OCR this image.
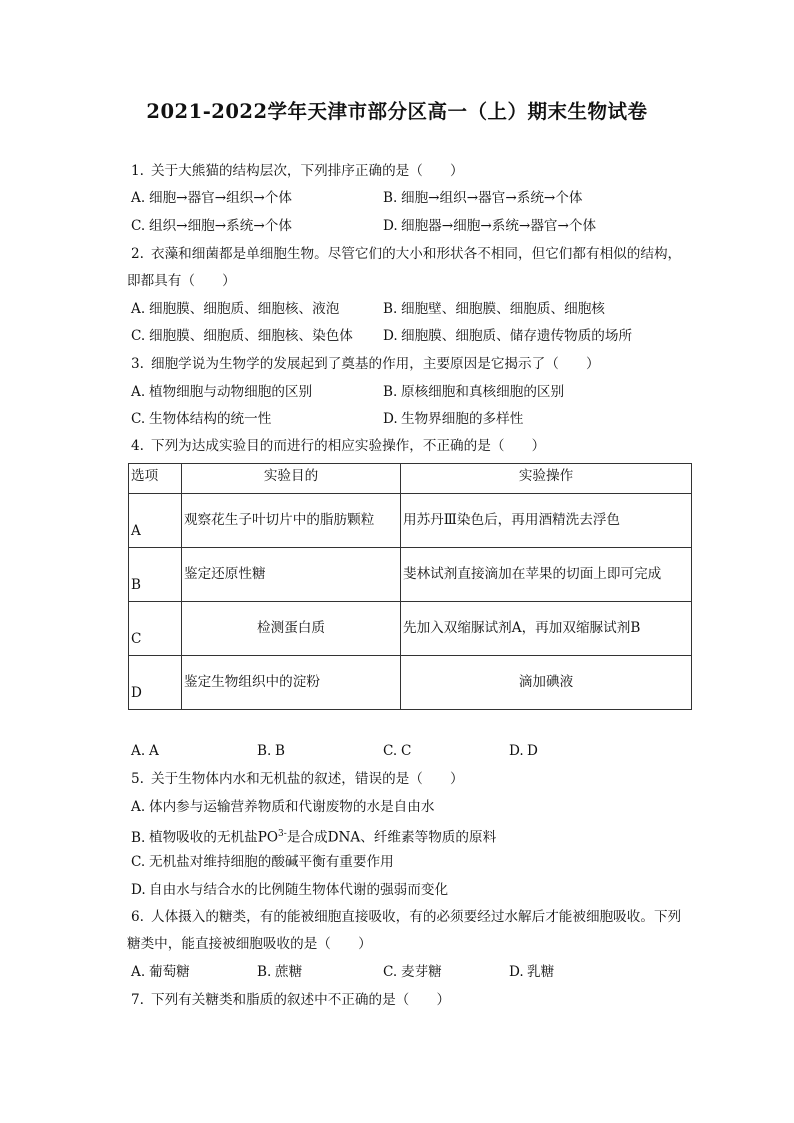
2021-2022学年天津市部分区高一（上）期末生物试卷
1. 关于大熊猫的结构层次，下列排序正确的是（　　）
A. 细胞→器官→组织→个体	B. 细胞→组织→器官→系统→个体
C. 组织→细胞→系统→个体	D. 细胞器→细胞→系统→器官→个体
2. 衣藻和细菌都是单细胞生物。尽管它们的大小和形状各不相同，但它们都有相似的结构，
即都具有（　　）
A. 细胞膜、细胞质、细胞核、液泡	B. 细胞壁、细胞膜、细胞质、细胞核
C. 细胞膜、细胞质、细胞核、染色体 D. 细胞膜、细胞质、储存遗传物质的场所
3. 细胞学说为生物学的发展起到了奠基的作用，主要原因是它揭示了（　　）
A. 植物细胞与动物细胞的区别	B. 原核细胞和真核细胞的区别
C. 生物体结构的统一性	D. 生物界细胞的多样性
4. 下列为达成实验目的而进行的相应实验操作，不正确的是（　　）
选项	实验目的	实验操作

A	观察花生子叶切片中的脂肪颗粒	用苏丹Ⅲ染色后，再用酒精洗去浮色

B	鉴定还原性糖	斐林试剂直接滴加在苹果的切面上即可完成

C	检测蛋白质	先加入双缩脲试剂A，再加双缩脲试剂B

D	鉴定生物组织中的淀粉	滴加碘液
A. A	B. B	C. C	D. D
5. 关于生物体内水和无机盐的叙述，错误的是（　　）
A. 体内参与运输营养物质和代谢废物的水是自由水
B. 植物吸收的无机盐$PO^{3-}$是合成DNA、纤维素等物质的原料
C. 无机盐对维持细胞的酸碱平衡有重要作用
D. 自由水与结合水的比例随生物体代谢的强弱而变化
6. 人体摄入的糖类，有的能被细胞直接吸收，有的必须要经过水解后才能被细胞吸收。下列
糖类中，能直接被细胞吸收的是（　　）
A. 葡萄糖	B. 蔗糖	C. 麦芽糖	D. 乳糖
7. 下列有关糖类和脂质的叙述中不正确的是（　　）
